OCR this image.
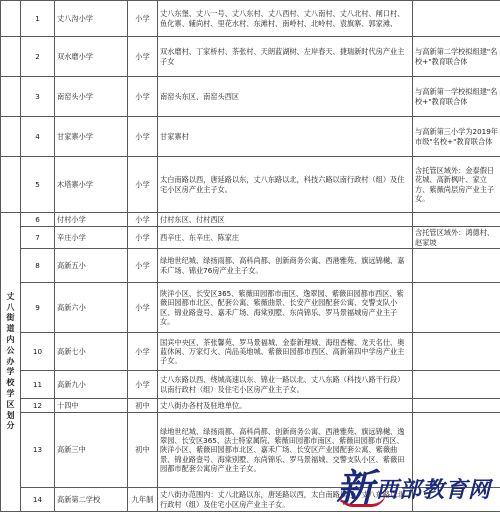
	1	丈八沟小学	小学	丈八东堡、丈八一号、丈八东村、丈八西村、丈八南村、丈八北村、闸口村、鱼化寨、辅尚村、里花水村、东滩村、南岭村、北岭村、袁旗寨、郭家滩、	
	2	双水磨小学	小学	双水磨村、丁家桥村、茶张村、天朗蓝湖树、左岸春天、捷瑞新时代房产业主子女	与高新第二学校拟组建"名校+"教育联合体
	3	南窑头小学	小学	南窑头东区、南窑头西区	与高新第一学校拟组建"名校+"教育联合体
	4	甘家寨小学	小学	甘家寨村	与高新第三小学为2019年市级"名校+"教育联合体
	5	木塔寨小学	小学	太白南路以西，唐延路以东，丈八东路以北，科技六路以南行政村（组）及住宅小区房产业主子女。	含托管区域外：金泰假日花城、高新枫叶、家立方、紫薇尚层房产业主子女。
丈八街道内公办学校学区划分	6	付村小学	小学	付村东区、付村西区	
	7	辛庄小学	小学	西辛庄、东辛庄、陈家庄	含托管区域外：鸿德村、赵家坡
	8	高新五小	小学	绿地世纪城、绿扬雨都、高科尚都、创新商务公寓、西港雅苑、旗远锦樾、嘉禾广场、锦业76房产业主子女。	
	9	高新六小	小学	陕洋小区、长安区365、紫薇田园都市南区、逸翠园、紫薇田园都市西区、紫薇田园都市北区、配套公寓、紫薇曲景、长安产业园配套公寓、交警支队小区、锦业路壹号、嘉禾广场、海棠别墅、东尚锦乐、罗马景福城房产业主子女。	
	10	高新七小	小学	国宾中央区、茶张馨苑、罗马景福城、金泰新理城、海纽香榭、龙天名仕、奥蓝休闲、万家灯火、尚品美地城、紫薇田园都市西区、高新第四中学房产业主子女。	
	11	高新九小	小学	丈八东路以西、绕城高速以东、锦业一路以北、丈八东路（科技八路干行段）以南行政村（组）及住宅小区房产业主子女。	
	12	十四中	初中	丈八街办各村及驻地单位。	
	13	高新三中	初中	绿地世纪城、绿扬雨都、高科尚都、创新商务公寓、西港雅苑、旗远锦樾、逸翠园、长安区365、法士特家属院、紫薇田园都市南区、紫薇田园都市西区、陕洋小区、紫薇田园都市北区、嘉禾广场、长安区产业园配套公寓、紫薇曲景、锦业路壹号、海棠别墅、东尚锦乐、罗马景福城、交警支队小区、紫薇田园都市配套公寓房产业主子女。	
	14	高新第二学校	九年制	丈八街办范围内：丈八北路以东，唐延路以西，太白南路以西，丈八东路以北行政村（组）及住宅小区房产业主子女。	新 西部教育网
